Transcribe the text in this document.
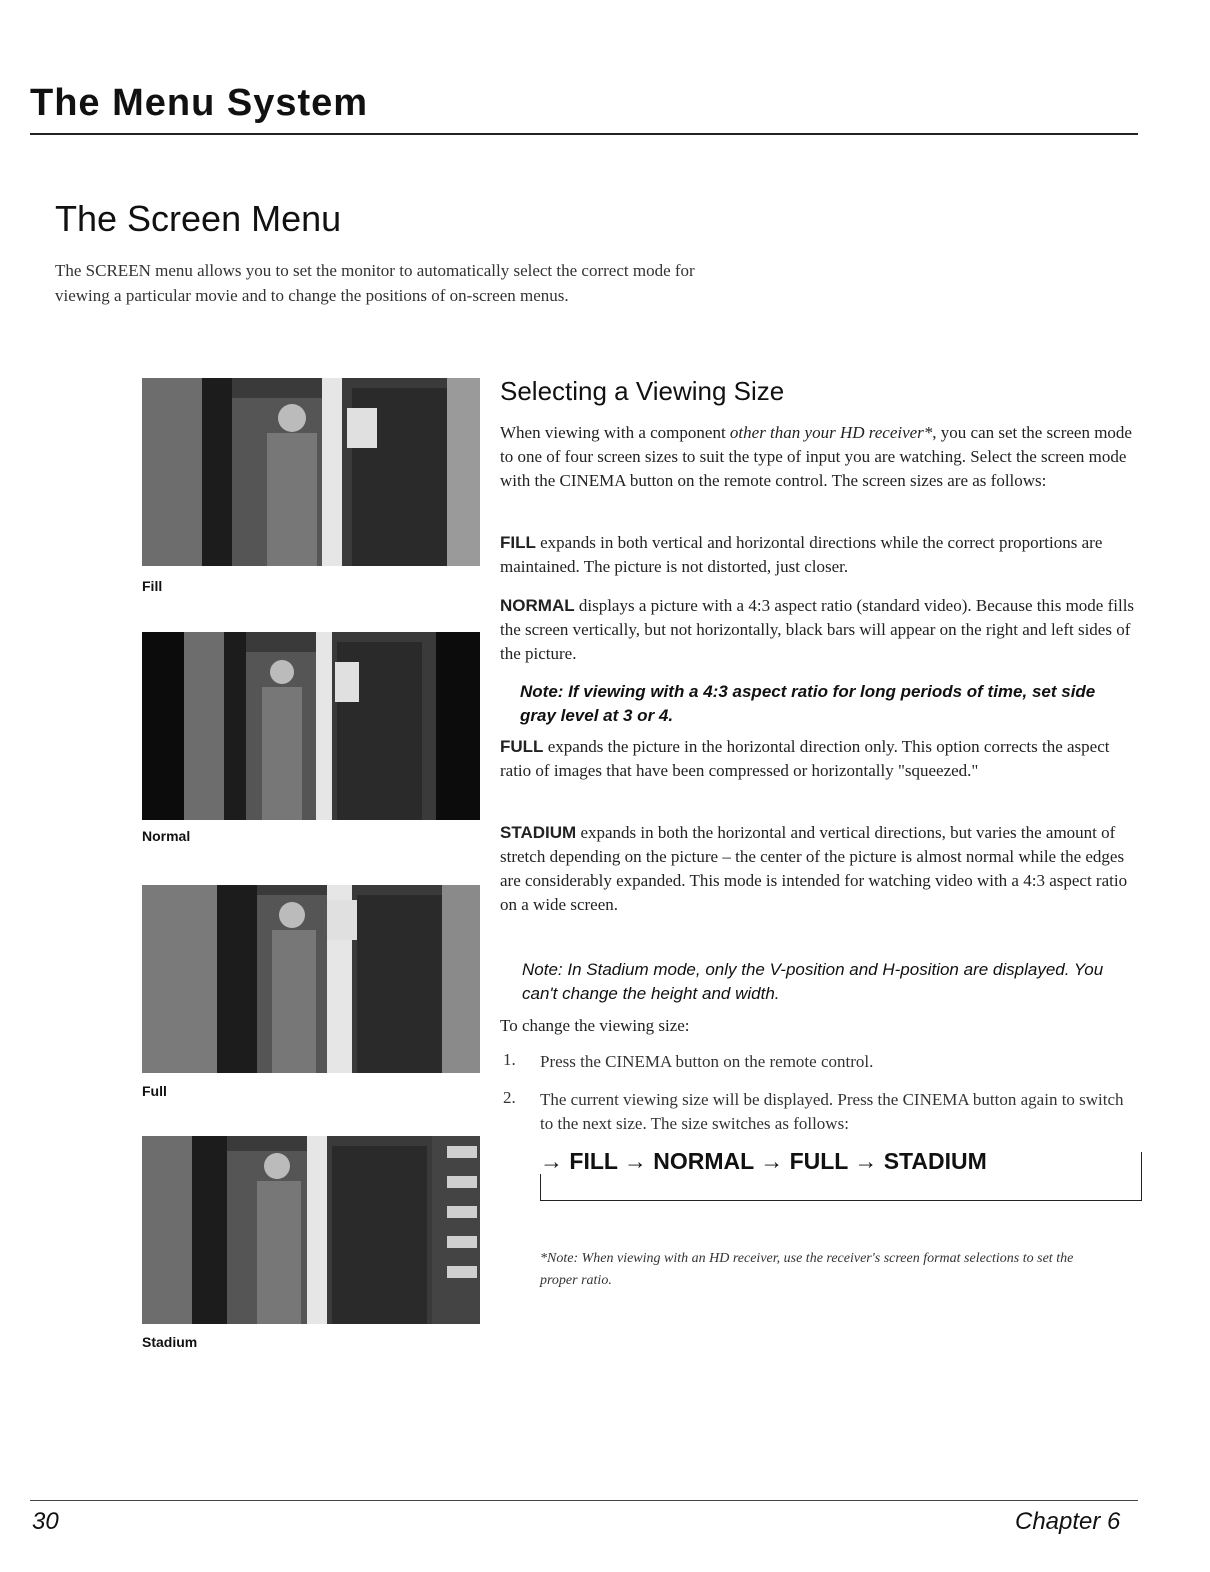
The Menu System
The Screen Menu
The SCREEN menu allows you to set the monitor to automatically select the correct mode for viewing a particular movie and to change the positions of on-screen menus.
Fill
Normal
Full
Stadium
Selecting a Viewing Size
When viewing with a component other than your HD receiver*, you can set the screen mode to one of four screen sizes to suit the type of input you are watching. Select the screen mode with the CINEMA button on the remote control. The screen sizes are as follows:
FILL expands in both vertical and horizontal directions while the correct proportions are maintained. The picture is not distorted, just closer.
NORMAL displays a picture with a 4:3 aspect ratio (standard video). Because this mode fills the screen vertically, but not horizontally, black bars will appear on the right and left sides of the picture.
Note: If viewing with a 4:3 aspect ratio for long periods of time, set side gray level at 3 or 4.
FULL expands the picture in the horizontal direction only. This option corrects the aspect ratio of images that have been compressed or horizontally "squeezed."
STADIUM expands in both the horizontal and vertical directions, but varies the amount of stretch depending on the picture – the center of the picture is almost normal while the edges are considerably expanded. This mode is intended for watching video with a 4:3 aspect ratio on a wide screen.
Note: In Stadium mode, only the V-position and H-position are displayed. You can't change the height and width.
To change the viewing size:
1. Press the CINEMA button on the remote control.
2. The current viewing size will be displayed. Press the CINEMA button again to switch to the next size. The size switches as follows:
→ FILL → NORMAL → FULL → STADIUM
*Note: When viewing with an HD receiver, use the receiver's screen format selections to set the proper ratio.
30	Chapter 6
